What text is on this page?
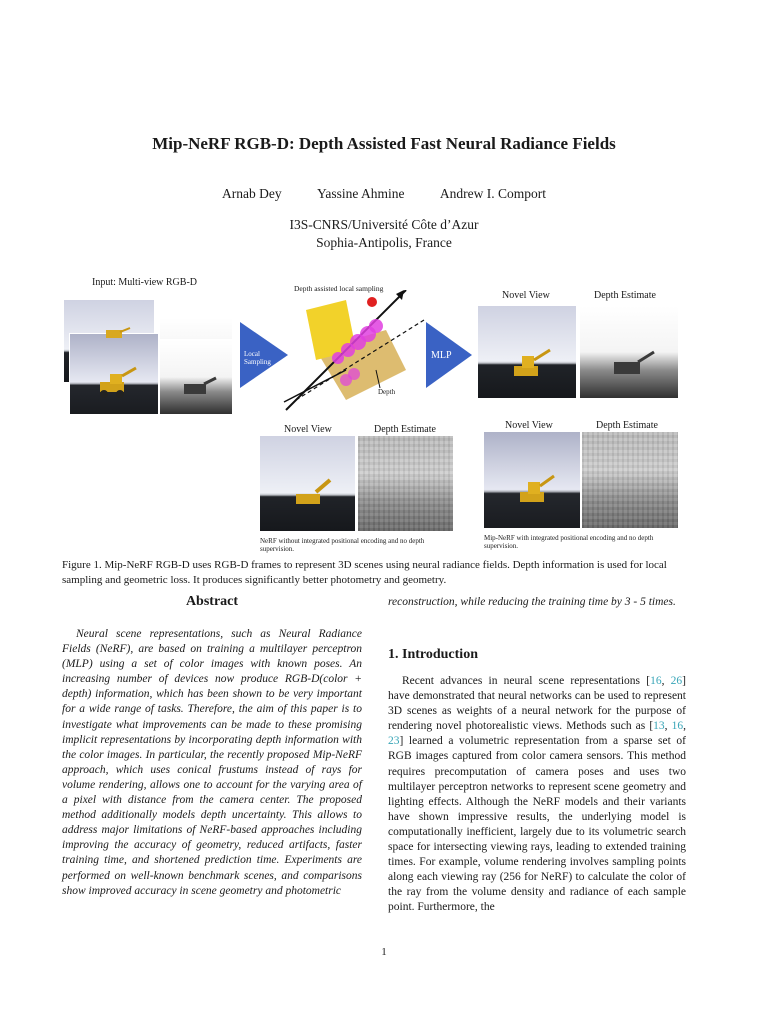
Mip-NeRF RGB-D: Depth Assisted Fast Neural Radiance Fields
Arnab Dey	Yassine Ahmine	Andrew I. Comport
I3S-CNRS/Université Côte d’Azur
Sophia-Antipolis, France
Input: Multi-view RGB-D
Local Sampling
Depth assisted local sampling
Depth
MLP
Novel View	Depth Estimate
Novel View	Depth Estimate
NeRF without integrated positional encoding and no depth supervision.
Novel View	Depth Estimate
Mip-NeRF with integrated positional encoding and no depth supervision.
Figure 1. Mip-NeRF RGB-D uses RGB-D frames to represent 3D scenes using neural radiance fields. Depth information is used for local sampling and geometric loss. It produces significantly better photometry and geometry.
Abstract
Neural scene representations, such as Neural Radiance Fields (NeRF), are based on training a multilayer perceptron (MLP) using a set of color images with known poses. An increasing number of devices now produce RGB-D(color + depth) information, which has been shown to be very important for a wide range of tasks. Therefore, the aim of this paper is to investigate what improvements can be made to these promising implicit representations by incorporating depth information with the color images. In particular, the recently proposed Mip-NeRF approach, which uses conical frustums instead of rays for volume rendering, allows one to account for the varying area of a pixel with distance from the camera center. The proposed method additionally models depth uncertainty. This allows to address major limitations of NeRF-based approaches including improving the accuracy of geometry, reduced artifacts, faster training time, and shortened prediction time. Experiments are performed on well-known benchmark scenes, and comparisons show improved accuracy in scene geometry and photometric
reconstruction, while reducing the training time by 3 - 5 times.
1. Introduction
Recent advances in neural scene representations [16, 26] have demonstrated that neural networks can be used to represent 3D scenes as weights of a neural network for the purpose of rendering novel photorealistic views. Methods such as [13, 16, 23] learned a volumetric representation from a sparse set of RGB images captured from color camera sensors. This method requires precomputation of camera poses and uses two multilayer perceptron networks to represent scene geometry and lighting effects. Although the NeRF models and their variants have shown impressive results, the underlying model is computationally inefficient, largely due to its volumetric search space for intersecting viewing rays, leading to extended training times. For example, volume rendering involves sampling points along each viewing ray (256 for NeRF) to calculate the color of the ray from the volume density and radiance of each sample point. Furthermore, the
1
